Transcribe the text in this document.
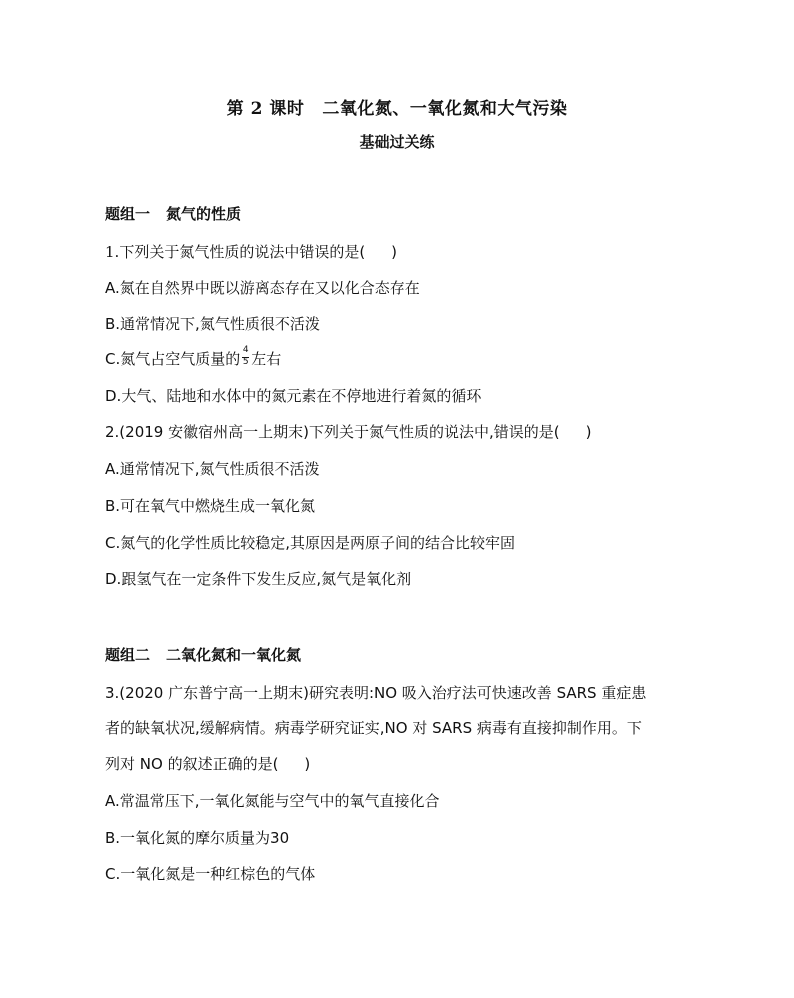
第 2 课时 二氧化氮、一氧化氮和大气污染
基础过关练
题组一 氮气的性质
1.下列关于氮气性质的说法中错误的是( )
A.氮在自然界中既以游离态存在又以化合态存在
B.通常情况下,氮气性质很不活泼
C.氮气占空气质量的 $\frac{4}{5}$ 左右
D.大气、陆地和水体中的氮元素在不停地进行着氮的循环
2.(2019 安徽宿州高一上期末)下列关于氮气性质的说法中,错误的是( )
A.通常情况下,氮气性质很不活泼
B.可在氧气中燃烧生成一氧化氮
C.氮气的化学性质比较稳定,其原因是两原子间的结合比较牢固
D.跟氢气在一定条件下发生反应,氮气是氧化剂
题组二 二氧化氮和一氧化氮
3.(2020 广东普宁高一上期末)研究表明:NO 吸入治疗法可快速改善 SARS 重症患
者的缺氧状况,缓解病情。病毒学研究证实,NO 对 SARS 病毒有直接抑制作用。下
列对 NO 的叙述正确的是( )
A.常温常压下,一氧化氮能与空气中的氧气直接化合
B.一氧化氮的摩尔质量为30
C.一氧化氮是一种红棕色的气体
